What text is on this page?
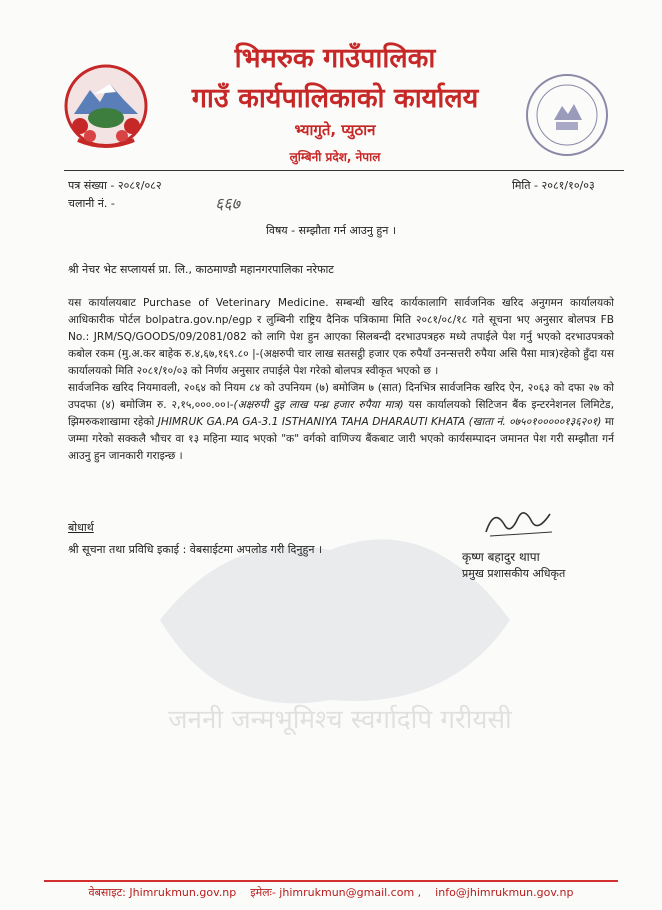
भिमरुक गाउँपालिका
गाउँ कार्यपालिकाको कार्यालय
भ्यागुते, प्युठान
लुम्बिनी प्रदेश, नेपाल
पत्र संख्या - २०८१/०८२
चलानी नं. -	६६७
मिति - २०८१/१०/०३
विषय - सम्झौता गर्न आउनु हुन ।
श्री नेचर भेट सप्लायर्स प्रा. लि., काठमाण्डौ महानगरपालिका नरेफाट
यस कार्यालयबाट Purchase of Veterinary Medicine. सम्बन्धी खरिद कार्यकालागि सार्वजनिक खरिद अनुगमन कार्यालयको आधिकारीक पोर्टल bolpatra.gov.np/egp र लुम्बिनी राष्ट्रिय दैनिक पत्रिकामा मिति २०८१/०८/१८ गते सूचना भए अनुसार बोलपत्र FB No.: JRM/SQ/GOODS/09/2081/082 को लागि पेश हुन आएका सिलबन्दी दरभाउपत्रहरु मध्ये तपाईले पेश गर्नु भएको दरभाउपत्रको कबोल रकम (मु.अ.कर बाहेक रु.४,६७,१६९.८० |-(अक्षरुपी चार लाख सतसट्ठी हजार एक रुपैयाँ उनन्सत्तरी रुपैया असि पैसा मात्र)रहेको हुँदा यस कार्यालयको मिति २०८१/१०/०३ को निर्णय अनुसार तपाईले पेश गरेको बोलपत्र स्वीकृत भएको छ ।
सार्वजनिक खरिद नियमावली, २०६४ को नियम ८४ को उपनियम (७) बमोजिम ७ (सात) दिनभित्र सार्वजनिक खरिद ऐन, २०६३ को दफा २७ को उपदफा (४) बमोजिम रु. २,१५,०००.००।-(अक्षरुपी दुइ लाख पन्ध्र हजार रुपैया मात्र) यस कार्यालयको सिटिजन बैंक इन्टरनेशनल लिमिटेड, झिमरुकशाखामा रहेको JHIMRUK GA.PA GA-3.1 ISTHANIYA TAHA DHARAUTI KHATA (खाता नं. ०७५०१०००००१३६२०१) मा जम्मा गरेको सक्कलै भौचर वा १३ महिना म्याद भएको "क" वर्गको वाणिज्य बैंकबाट जारी भएको कार्यसम्पादन जमानत पेश गरी सम्झौता गर्न आउनु हुन जानकारी गराइन्छ ।
जननी जन्मभूमिश्च स्वर्गादपि गरीयसी
बोधार्थ
श्री सूचना तथा प्रविधि इकाई : वेबसाईटमा अपलोड गरी दिनुहुन ।
कृष्ण बहादुर थापा
प्रमुख प्रशासकीय अधिकृत
वेबसाइट: Jhimrukmun.gov.np इमेलः- jhimrukmun@gmail.com , info@jhimrukmun.gov.np
